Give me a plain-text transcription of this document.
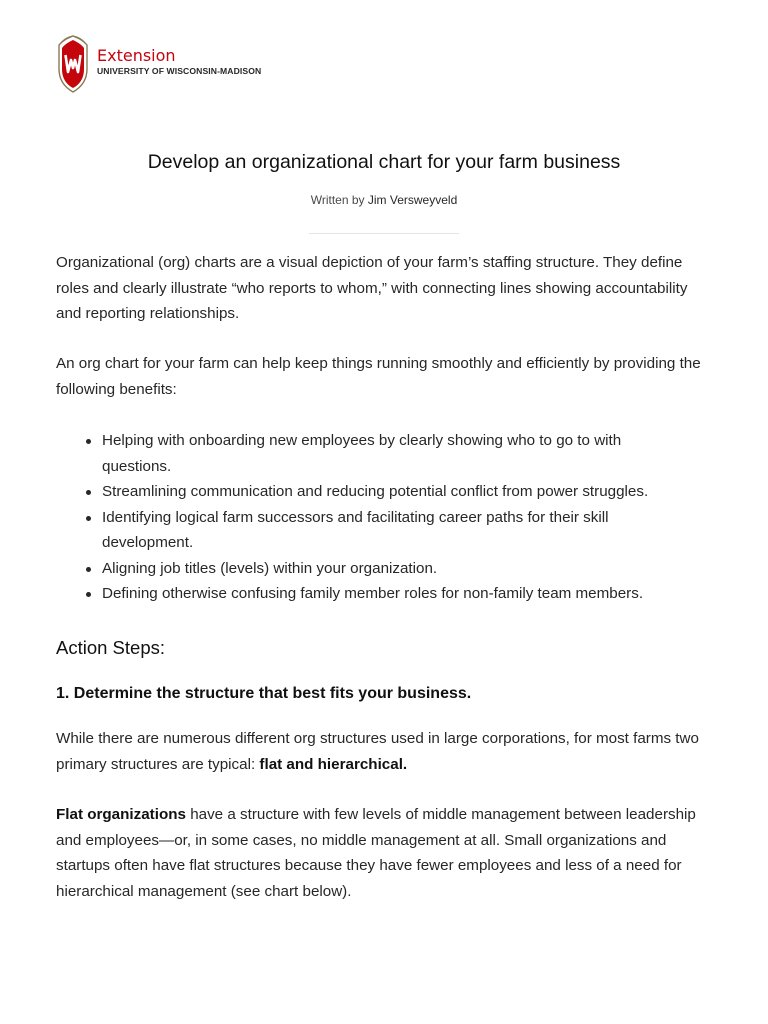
Extension
UNIVERSITY OF WISCONSIN-MADISON
Develop an organizational chart for your farm business
Written by Jim Versweyveld

Organizational (org) charts are a visual depiction of your farm’s staffing structure. They define roles and clearly illustrate “who reports to whom,” with connecting lines showing accountability and reporting relationships.

An org chart for your farm can help keep things running smoothly and efficiently by providing the following benefits:

Helping with onboarding new employees by clearly showing who to go to with questions.
Streamlining communication and reducing potential conflict from power struggles.
Identifying logical farm successors and facilitating career paths for their skill development.
Aligning job titles (levels) within your organization.
Defining otherwise confusing family member roles for non-family team members.
Action Steps:
1. Determine the structure that best fits your business.

While there are numerous different org structures used in large corporations, for most farms two primary structures are typical: flat and hierarchical.

Flat organizations have a structure with few levels of middle management between leadership and employees—or, in some cases, no middle management at all. Small organizations and startups often have flat structures because they have fewer employees and less of a need for hierarchical management (see chart below).
